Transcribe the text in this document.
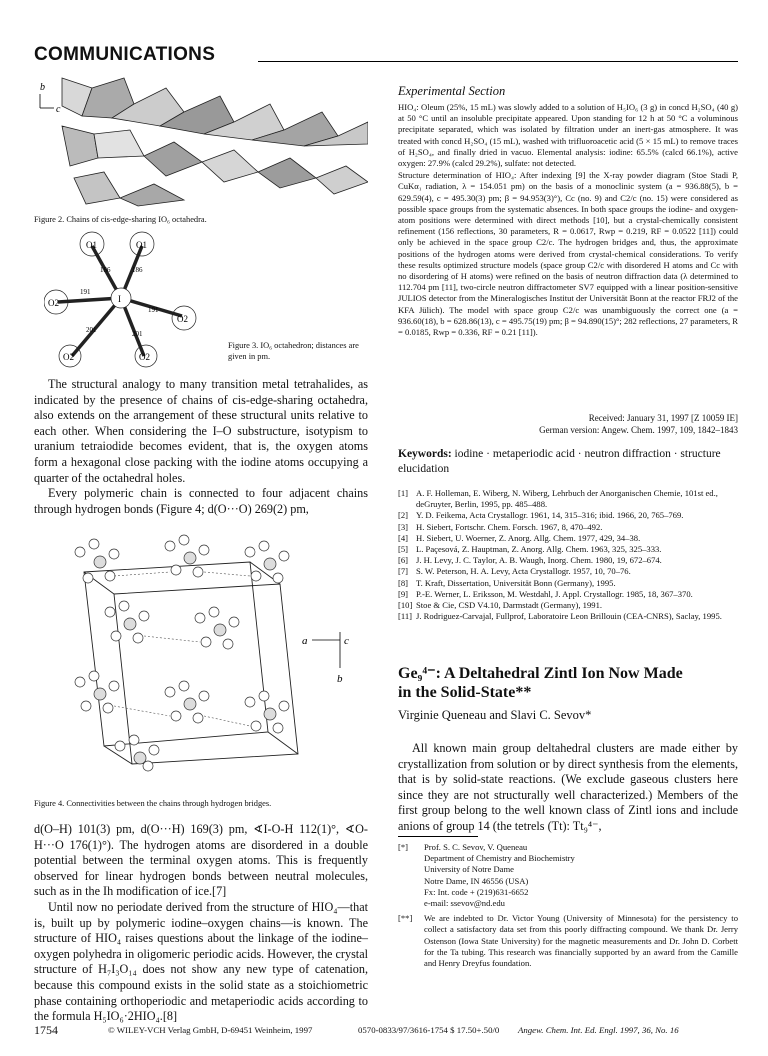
COMMUNICATIONS
b
c
Figure 2. Chains of cis-edge-sharing IO₆ octahedra.
O1	O1
O2
O2
O2	O2
I
186	186
191
191
201	201
Figure 3. IO₆ octahedron; distances are given in pm.

The structural analogy to many transition metal tetrahalides, as indicated by the presence of chains of cis-edge-sharing octahedra, also extends on the arrangement of these structural units relative to each other. When considering the I–O substructure, isotypism to uranium tetraiodide becomes evident, that is, the oxygen atoms form a hexagonal close packing with the iodine atoms occupying a quarter of the octahedral holes.

Every polymeric chain is connected to four adjacent chains through hydrogen bonds (Figure 4; d(O···O) 269(2) pm,

a	c
b
Figure 4. Connectivities between the chains through hydrogen bridges.

d(O–H) 101(3) pm, d(O···H) 169(3) pm, ∢I-O-H 112(1)°, ∢O-H···O 176(1)°). The hydrogen atoms are disordered in a double potential between the terminal oxygen atoms. This is frequently observed for linear hydrogen bonds between neutral molecules, such as in the Ih modification of ice.[7]

Until now no periodate derived from the structure of HIO₄—that is, built up by polymeric iodine–oxygen chains—is known. The structure of HIO₄ raises questions about the linkage of the iodine–oxygen polyhedra in oligomeric periodic acids. However, the crystal structure of H₇I₃O₁₄ does not show any new type of catenation, because this compound exists in the solid state as a stoichiometric phase containing orthoperiodic and metaperiodic acids according to the formula H₅IO₆·2HIO₄.[8]

Experimental Section

HIO₄: Oleum (25%, 15 mL) was slowly added to a solution of H₅IO₆ (3 g) in concd H₂SO₄ (40 g) at 50 °C until an insoluble precipitate appeared. Upon standing for 12 h at 50 °C a voluminous precipitate separated, which was isolated by filtration under an inert-gas atmosphere. It was treated with concd H₂SO₄ (15 mL), washed with trifluoroacetic acid (5 × 15 mL) to remove traces of H₂SO₄, and finally dried in vacuo. Elemental analysis: iodine: 65.5% (calcd 66.1%), active oxygen: 27.9% (calcd 29.2%), sulfate: not detected.

Structure determination of HIO₄: After indexing [9] the X-ray powder diagram (Stoe Stadi P, CuKα₁ radiation, λ = 154.051 pm) on the basis of a monoclinic system (a = 936.88(5), b = 629.59(4), c = 495.30(3) pm; β = 94.953(3)°), Cc (no. 9) and C2/c (no. 15) were considered as possible space groups from the systematic absences. In both space groups the iodine- and oxygen-atom positions were determined with direct methods [10], but a crystal-chemically consistent refinement (156 reflections, 30 parameters, R = 0.0617, Rwp = 0.219, RF = 0.0522 [11]) could only be achieved in the space group C2/c. The hydrogen bridges and, thus, the approximate positions of the hydrogen atoms were derived from crystal-chemical considerations. To verify these results optimized structure models (space group C2/c with disordered H atoms and Cc with no disordering of H atoms) were refined on the basis of neutron diffraction data (λ determined to 112.704 pm [11], two-circle neutron diffractometer SV7 equipped with a linear position-sensitive JULIOS detector from the Mineralogisches Institut der Universität Bonn at the reactor FRJ2 of the KFA Jülich). The model with space group C2/c was unambiguously the correct one (a = 936.60(18), b = 628.86(13), c = 495.75(19) pm; β = 94.890(15)°; 282 reflections, 27 parameters, R = 0.0185, Rwp = 0.336, RF = 0.21 [11]).

Received: January 31, 1997 [Z 10059 IE]
German version: Angew. Chem. 1997, 109, 1842–1843
Keywords: iodine · metaperiodic acid · neutron diffraction · structure elucidation
[1] A. F. Holleman, E. Wiberg, N. Wiberg, Lehrbuch der Anorganischen Chemie, 101st ed., deGruyter, Berlin, 1995, pp. 485–488.
[2] Y. D. Feikema, Acta Crystallogr. 1961, 14, 315–316; ibid. 1966, 20, 765–769.
[3] H. Siebert, Fortschr. Chem. Forsch. 1967, 8, 470–492.
[4] H. Siebert, U. Woerner, Z. Anorg. Allg. Chem. 1977, 429, 34–38.
[5] L. Paçesová, Z. Hauptman, Z. Anorg. Allg. Chem. 1963, 325, 325–333.
[6] J. H. Levy, J. C. Taylor, A. B. Waugh, Inorg. Chem. 1980, 19, 672–674.
[7] S. W. Peterson, H. A. Levy, Acta Crystallogr. 1957, 10, 70–76.
[8] T. Kraft, Dissertation, Universität Bonn (Germany), 1995.
[9] P.-E. Werner, L. Eriksson, M. Westdahl, J. Appl. Crystallogr. 1985, 18, 367–370.
[10] Stoe & Cie, CSD V4.10, Darmstadt (Germany), 1991.
[11] J. Rodriguez-Carvajal, Fullprof, Laboratoire Leon Brillouin (CEA-CNRS), Saclay, 1995.
Ge₉⁴⁻: A Deltahedral Zintl Ion Now Made
in the Solid-State**
Virginie Queneau and Slavi C. Sevov*

All known main group deltahedral clusters are made either by crystallization from solution or by direct synthesis from the elements, that is by solid-state reactions. (We exclude gaseous clusters here since they are not structurally well characterized.) Members of the first group belong to the well known class of Zintl ions and include anions of group 14 (the tetrels (Tt): Tt₉⁴⁻,

[*]	Prof. S. C. Sevov, V. Queneau
Department of Chemistry and Biochemistry
University of Notre Dame
Notre Dame, IN 46556 (USA)
Fx: Int. code + (219)631-6652
e-mail: ssevov@nd.edu
[**]	We are indebted to Dr. Victor Young (University of Minnesota) for the persistency to collect a satisfactory data set from this poorly diffracting compound. We thank Dr. Jerry Ostenson (Iowa State University) for the magnetic measurements and Dr. John D. Corbett for the Ta tubing. This research was financially supported by an award from the Camille and Henry Dreyfus foundation.
1754	© WILEY-VCH Verlag GmbH, D-69451 Weinheim, 1997	0570-0833/97/3616-1754 $ 17.50+.50/0 Angew. Chem. Int. Ed. Engl. 1997, 36, No. 16
